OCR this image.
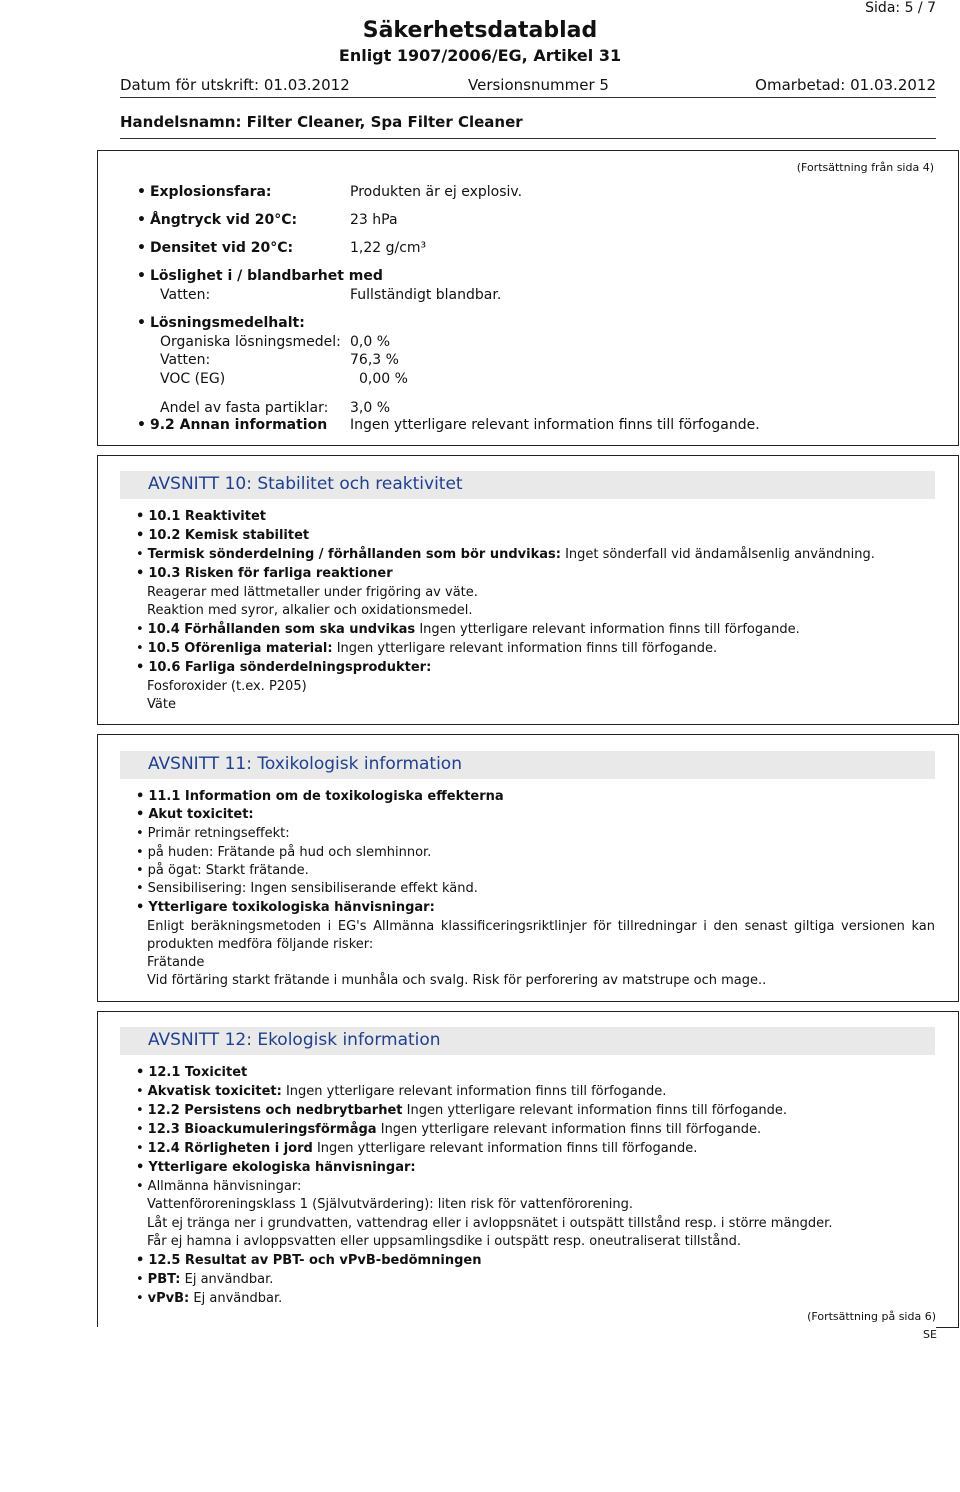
Sida: 5 / 7
Säkerhetsdatablad
Enligt 1907/2006/EG, Artikel 31
Datum för utskrift: 01.03.2012	Versionsnummer 5	Omarbetad: 01.03.2012
Handelsnamn: Filter Cleaner, Spa Filter Cleaner
(Fortsättning från sida 4)
• Explosionsfara:	Produkten är ej explosiv.
• Ångtryck vid 20°C:	23 hPa
• Densitet vid 20°C:	1,22 g/cm³
• Löslighet i / blandbarhet med
Vatten:	Fullständigt blandbar.
• Lösningsmedelhalt:
Organiska lösningsmedel: 0,0 %
Vatten:	76,3 %
VOC (EG)	0,00 %
Andel av fasta partiklar: 3,0 %
• 9.2 Annan information Ingen ytterligare relevant information finns till förfogande.
AVSNITT 10: Stabilitet och reaktivitet
• 10.1 Reaktivitet
• 10.2 Kemisk stabilitet
• Termisk sönderdelning / förhållanden som bör undvikas: Inget sönderfall vid ändamålsenlig användning.
• 10.3 Risken för farliga reaktioner
Reagerar med lättmetaller under frigöring av väte.
Reaktion med syror, alkalier och oxidationsmedel.
• 10.4 Förhållanden som ska undvikas Ingen ytterligare relevant information finns till förfogande.
• 10.5 Oförenliga material: Ingen ytterligare relevant information finns till förfogande.
• 10.6 Farliga sönderdelningsprodukter:
Fosforoxider (t.ex. P205)
Väte
AVSNITT 11: Toxikologisk information
• 11.1 Information om de toxikologiska effekterna
• Akut toxicitet:
• Primär retningseffekt:
• på huden: Frätande på hud och slemhinnor.
• på ögat: Starkt frätande.
• Sensibilisering: Ingen sensibiliserande effekt känd.
• Ytterligare toxikologiska hänvisningar:
Enligt beräkningsmetoden i EG's Allmänna klassificeringsriktlinjer för tillredningar i den senast giltiga versionen kan produkten medföra följande risker:
Frätande
Vid förtäring starkt frätande i munhåla och svalg. Risk för perforering av matstrupe och mage..
AVSNITT 12: Ekologisk information
• 12.1 Toxicitet
• Akvatisk toxicitet: Ingen ytterligare relevant information finns till förfogande.
• 12.2 Persistens och nedbrytbarhet Ingen ytterligare relevant information finns till förfogande.
• 12.3 Bioackumuleringsförmåga Ingen ytterligare relevant information finns till förfogande.
• 12.4 Rörligheten i jord Ingen ytterligare relevant information finns till förfogande.
• Ytterligare ekologiska hänvisningar:
• Allmänna hänvisningar:
Vattenföroreningsklass 1 (Självutvärdering): liten risk för vattenförorening.
Låt ej tränga ner i grundvatten, vattendrag eller i avloppsnätet i outspätt tillstånd resp. i större mängder.
Får ej hamna i avloppsvatten eller uppsamlingsdike i outspätt resp. oneutraliserat tillstånd.
• 12.5 Resultat av PBT- och vPvB-bedömningen
• PBT: Ej användbar.
• vPvB: Ej användbar.
(Fortsättning på sida 6)
SE
